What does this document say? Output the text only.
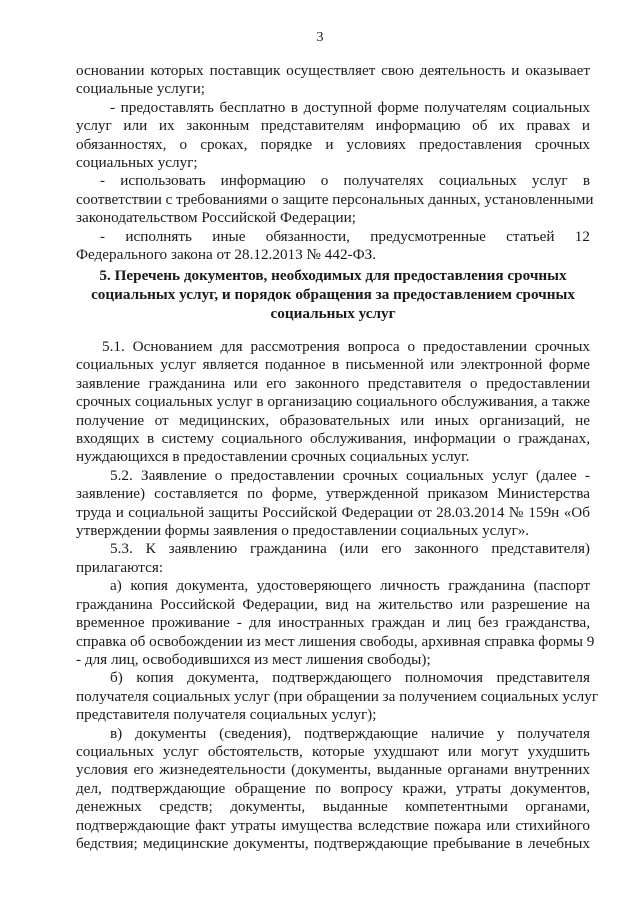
3
основании которых поставщик осуществляет свою деятельность и оказывает
социальные услуги;
- предоставлять бесплатно в доступной форме получателям социальных
услуг или их законным представителям информацию об их правах и
обязанностях, о сроках, порядке и условиях предоставления срочных
социальных услуг;
- использовать информацию о получателях социальных услуг в
соответствии с требованиями о защите персональных данных, установленными
законодательством Российской Федерации;
- исполнять иные обязанности, предусмотренные статьей 12
Федерального закона от 28.12.2013 № 442-ФЗ.
5. Перечень документов, необходимых для предоставления срочных
социальных услуг, и порядок обращения за предоставлением срочных
социальных услуг
5.1. Основанием для рассмотрения вопроса о предоставлении срочных
социальных услуг является поданное в письменной или электронной форме
заявление гражданина или его законного представителя о предоставлении
срочных социальных услуг в организацию социального обслуживания, а также
получение от медицинских, образовательных или иных организаций, не
входящих в систему социального обслуживания, информации о гражданах,
нуждающихся в предоставлении срочных социальных услуг.
5.2. Заявление о предоставлении срочных социальных услуг (далее -
заявление) составляется по форме, утвержденной приказом Министерства
труда и социальной защиты Российской Федерации от 28.03.2014 № 159н «Об
утверждении формы заявления о предоставлении социальных услуг».
5.3. К заявлению гражданина (или его законного представителя)
прилагаются:
а) копия документа, удостоверяющего личность гражданина (паспорт
гражданина Российской Федерации, вид на жительство или разрешение на
временное проживание - для иностранных граждан и лиц без гражданства,
справка об освобождении из мест лишения свободы, архивная справка формы 9
- для лиц, освободившихся из мест лишения свободы);
б) копия документа, подтверждающего полномочия представителя
получателя социальных услуг (при обращении за получением социальных услуг
представителя получателя социальных услуг);
в) документы (сведения), подтверждающие наличие у получателя
социальных услуг обстоятельств, которые ухудшают или могут ухудшить
условия его жизнедеятельности (документы, выданные органами внутренних
дел, подтверждающие обращение по вопросу кражи, утраты документов,
денежных средств; документы, выданные компетентными органами,
подтверждающие факт утраты имущества вследствие пожара или стихийного
бедствия; медицинские документы, подтверждающие пребывание в лечебных
